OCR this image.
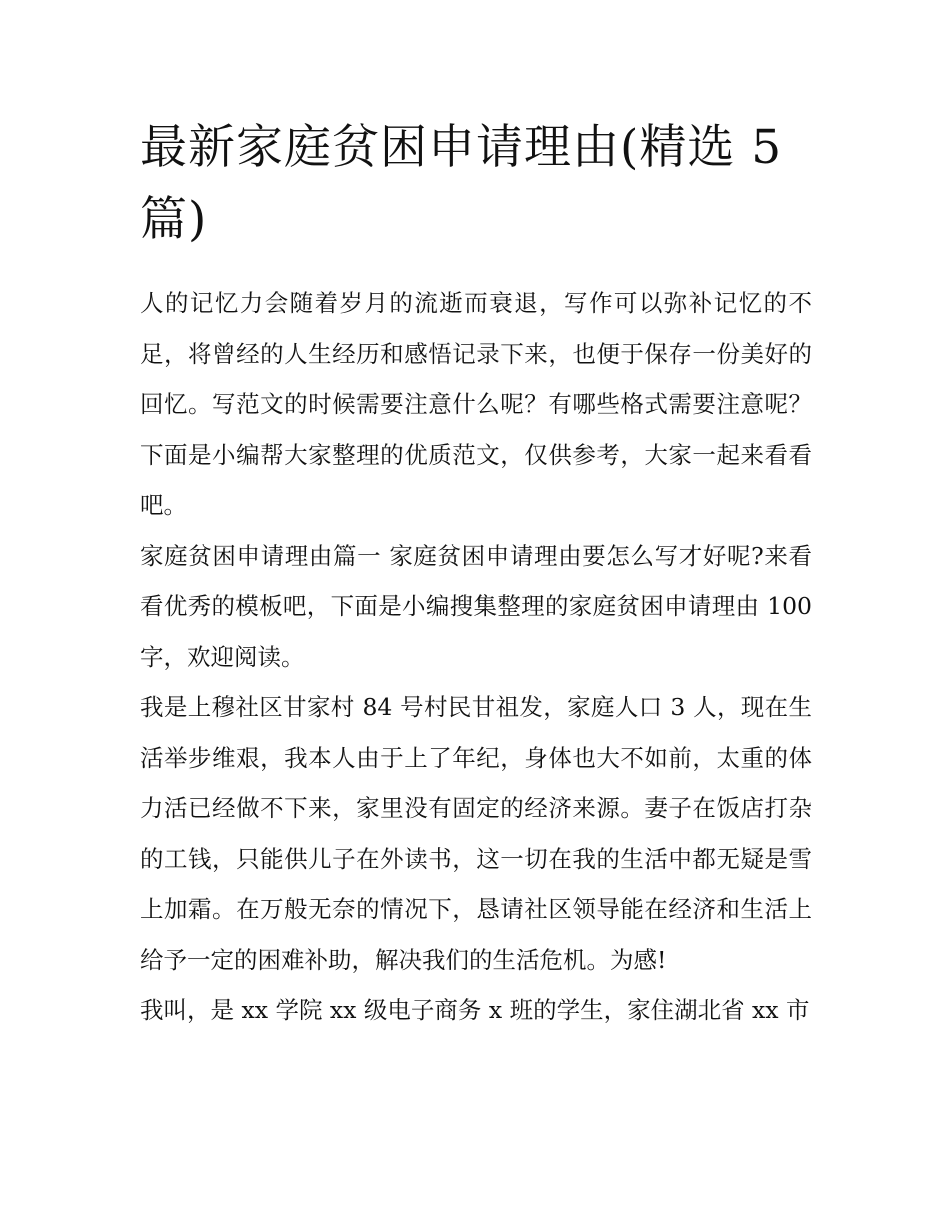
最新家庭贫困申请理由(精选 5 篇)

人的记忆力会随着岁月的流逝而衰退，写作可以弥补记忆的不足，将曾经的人生经历和感悟记录下来，也便于保存一份美好的回忆。写范文的时候需要注意什么呢？有哪些格式需要注意呢？下面是小编帮大家整理的优质范文，仅供参考，大家一起来看看吧。

家庭贫困申请理由篇一 家庭贫困申请理由要怎么写才好呢?来看看优秀的模板吧，下面是小编搜集整理的家庭贫困申请理由 100 字，欢迎阅读。

我是上穆社区甘家村 84 号村民甘祖发，家庭人口 3 人，现在生活举步维艰，我本人由于上了年纪，身体也大不如前，太重的体力活已经做不下来，家里没有固定的经济来源。妻子在饭店打杂的工钱，只能供儿子在外读书，这一切在我的生活中都无疑是雪上加霜。在万般无奈的情况下，恳请社区领导能在经济和生活上给予一定的困难补助，解决我们的生活危机。为感!

我叫，是 xx 学院 xx 级电子商务 x 班的学生，家住湖北省 xx 市
